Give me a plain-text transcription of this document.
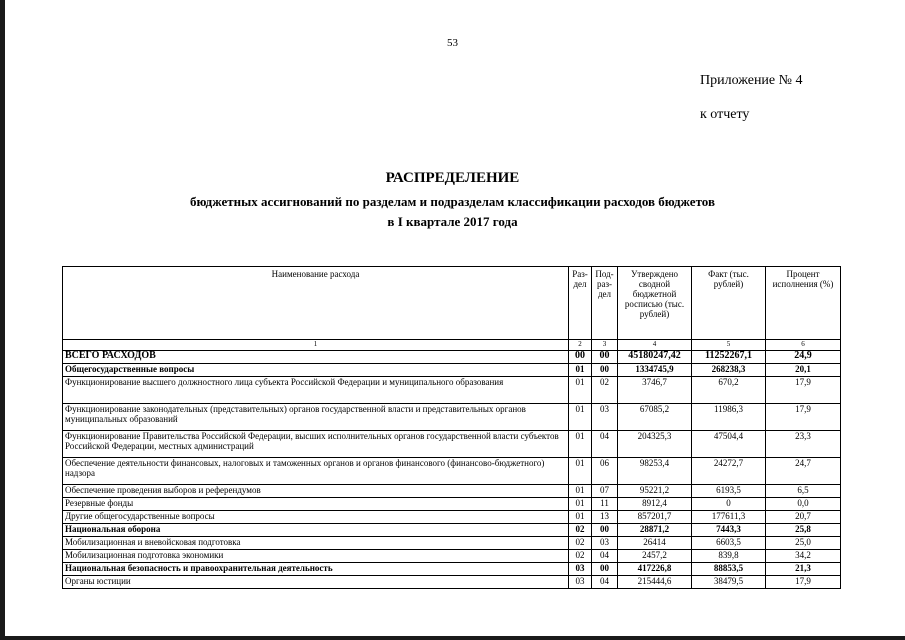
53
Приложение № 4
к отчету
РАСПРЕДЕЛЕНИЕ
бюджетных ассигнований по разделам и подразделам классификации расходов бюджетов
в I квартале 2017 года
Наименование расхода	Раз-дел	Под-раз-дел	Утверждено сводной бюджетной росписью (тыс. рублей)	Факт (тыс. рублей)	Процент исполнения (%)
1	2	3	4	5	6
ВСЕГО РАСХОДОВ	00	00	45180247,42	11252267,1	24,9
Общегосударственные вопросы	01	00	1334745,9	268238,3	20,1
Функционирование высшего должностного лица субъекта Российской Федерации и муниципального образования	01	02	3746,7	670,2	17,9
Функционирование законодательных (представительных) органов государственной власти и представительных органов муниципальных образований	01	03	67085,2	11986,3	17,9
Функционирование Правительства Российской Федерации, высших исполнительных органов государственной власти субъектов Российской Федерации, местных администраций	01	04	204325,3	47504,4	23,3
Обеспечение деятельности финансовых, налоговых и таможенных органов и органов финансового (финансово-бюджетного) надзора	01	06	98253,4	24272,7	24,7
Обеспечение проведения выборов и референдумов	01	07	95221,2	6193,5	6,5
Резервные фонды	01	11	8912,4	0	0,0
Другие общегосударственные вопросы	01	13	857201,7	177611,3	20,7
Национальная оборона	02	00	28871,2	7443,3	25,8
Мобилизационная и вневойсковая подготовка	02	03	26414	6603,5	25,0
Мобилизационная подготовка экономики	02	04	2457,2	839,8	34,2
Национальная безопасность и правоохранительная деятельность	03	00	417226,8	88853,5	21,3
Органы юстиции	03	04	215444,6	38479,5	17,9
